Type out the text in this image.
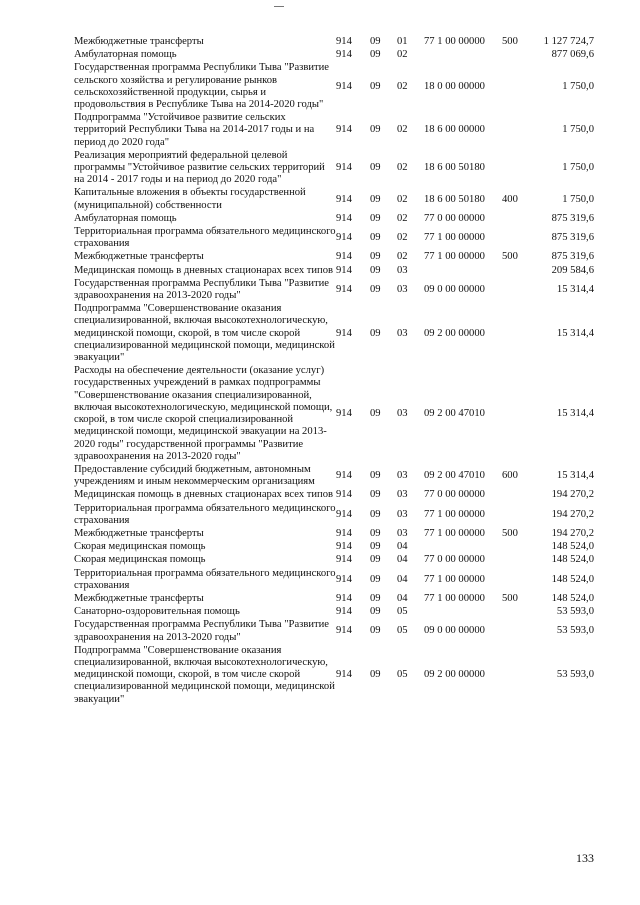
Межбюджетные трансферты	914	09	01	77 1 00 00000	500	1 127 724,7
Амбулаторная помощь	914	09	02			877 069,6
Государственная программа Республики Тыва "Развитие сельского хозяйства и регулирование рынков сельскохозяйственной продукции, сырья и продовольствия в Республике Тыва на 2014-2020 годы"	914	09	02	18 0 00 00000		1 750,0
Подпрограмма "Устойчивое развитие сельских территорий Республики Тыва на 2014-2017 годы и на период до 2020 года"	914	09	02	18 6 00 00000		1 750,0
Реализация мероприятий федеральной целевой программы "Устойчивое развитие сельских территорий на 2014 - 2017 годы и на период до 2020 года"	914	09	02	18 6 00 50180		1 750,0
Капитальные вложения в объекты государственной (муниципальной) собственности	914	09	02	18 6 00 50180	400	1 750,0
Амбулаторная помощь	914	09	02	77 0 00 00000		875 319,6
Территориальная программа обязательного медицинского страхования	914	09	02	77 1 00 00000		875 319,6
Межбюджетные трансферты	914	09	02	77 1 00 00000	500	875 319,6
Медицинская помощь в дневных стационарах всех типов	914	09	03			209 584,6
Государственная программа Республики Тыва "Развитие здравоохранения на 2013-2020 годы"	914	09	03	09 0 00 00000		15 314,4
Подпрограмма "Совершенствование оказания специализированной, включая высокотехнологическую, медицинской помощи, скорой, в том числе скорой специализированной медицинской помощи, медицинской эвакуации"	914	09	03	09 2 00 00000		15 314,4
Расходы на обеспечение деятельности (оказание услуг) государственных учреждений в рамках подпрограммы "Совершенствование оказания специализированной, включая высокотехнологическую, медицинской помощи, скорой, в том числе скорой специализированной медицинской помощи, медицинской эвакуации на 2013-2020 годы" государственной программы "Развитие здравоохранения на 2013-2020 годы"	914	09	03	09 2 00 47010		15 314,4
Предоставление субсидий бюджетным, автономным учреждениям и иным некоммерческим организациям	914	09	03	09 2 00 47010	600	15 314,4
Медицинская помощь в дневных стационарах всех типов	914	09	03	77 0 00 00000		194 270,2
Территориальная программа обязательного медицинского страхования	914	09	03	77 1 00 00000		194 270,2
Межбюджетные трансферты	914	09	03	77 1 00 00000	500	194 270,2
Скорая медицинская помощь	914	09	04			148 524,0
Скорая медицинская помощь	914	09	04	77 0 00 00000		148 524,0
Территориальная программа обязательного медицинского страхования	914	09	04	77 1 00 00000		148 524,0
Межбюджетные трансферты	914	09	04	77 1 00 00000	500	148 524,0
Санаторно-оздоровительная помощь	914	09	05			53 593,0
Государственная программа Республики Тыва "Развитие здравоохранения на 2013-2020 годы"	914	09	05	09 0 00 00000		53 593,0
Подпрограмма "Совершенствование оказания специализированной, включая высокотехнологическую, медицинской помощи, скорой, в том числе скорой специализированной медицинской помощи, медицинской эвакуации"	914	09	05	09 2 00 00000		53 593,0
133
